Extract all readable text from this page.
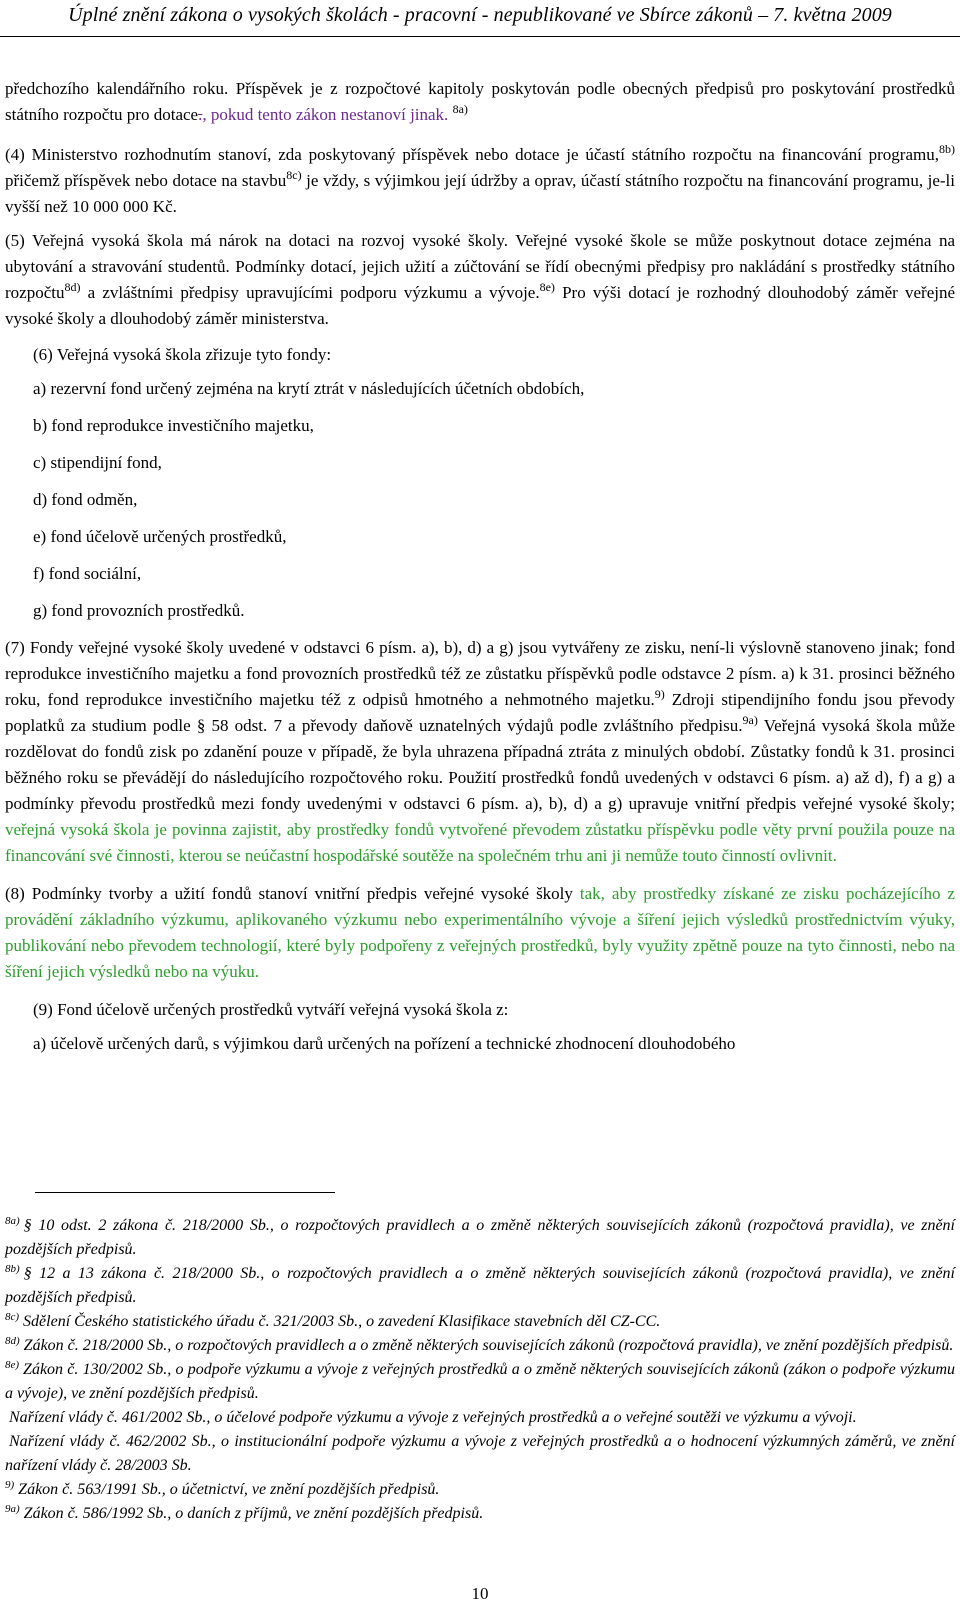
Úplné znění zákona o vysokých školách - pracovní - nepublikované ve Sbírce zákonů – 7. května 2009

předchozího kalendářního roku. Příspěvek je z rozpočtové kapitoly poskytován podle obecných předpisů pro poskytování prostředků státního rozpočtu pro dotace., pokud tento zákon nestanoví jinak. $^{8a)}$

(4) Ministerstvo rozhodnutím stanoví, zda poskytovaný příspěvek nebo dotace je účastí státního rozpočtu na financování programu,$^{8b)}$ přičemž příspěvek nebo dotace na stavbu$^{8c)}$ je vždy, s výjimkou její údržby a oprav, účastí státního rozpočtu na financování programu, je-li vyšší než 10 000 000 Kč.

(5) Veřejná vysoká škola má nárok na dotaci na rozvoj vysoké školy. Veřejné vysoké škole se může poskytnout dotace zejména na ubytování a stravování studentů. Podmínky dotací, jejich užití a zúčtování se řídí obecnými předpisy pro nakládání s prostředky státního rozpočtu$^{8d)}$ a zvláštními předpisy upravujícími podporu výzkumu a vývoje.$^{8e)}$ Pro výši dotací je rozhodný dlouhodobý záměr veřejné vysoké školy a dlouhodobý záměr ministerstva.

(6) Veřejná vysoká škola zřizuje tyto fondy:

a) rezervní fond určený zejména na krytí ztrát v následujících účetních obdobích,

b) fond reprodukce investičního majetku,

c) stipendijní fond,

d) fond odměn,

e) fond účelově určených prostředků,

f) fond sociální,

g) fond provozních prostředků.

(7) Fondy veřejné vysoké školy uvedené v odstavci 6 písm. a), b), d) a g) jsou vytvářeny ze zisku, není-li výslovně stanoveno jinak; fond reprodukce investičního majetku a fond provozních prostředků též ze zůstatku příspěvků podle odstavce 2 písm. a) k 31. prosinci běžného roku, fond reprodukce investičního majetku též z odpisů hmotného a nehmotného majetku.$^{9)}$ Zdroji stipendijního fondu jsou převody poplatků za studium podle § 58 odst. 7 a převody daňově uznatelných výdajů podle zvláštního předpisu.$^{9a)}$ Veřejná vysoká škola může rozdělovat do fondů zisk po zdanění pouze v případě, že byla uhrazena případná ztráta z minulých období. Zůstatky fondů k 31. prosinci běžného roku se převádějí do následujícího rozpočtového roku. Použití prostředků fondů uvedených v odstavci 6 písm. a) až d), f) a g) a podmínky převodu prostředků mezi fondy uvedenými v odstavci 6 písm. a), b), d) a g) upravuje vnitřní předpis veřejné vysoké školy; veřejná vysoká škola je povinna zajistit, aby prostředky fondů vytvořené převodem zůstatku příspěvku podle věty první použila pouze na financování své činnosti, kterou se neúčastní hospodářské soutěže na společném trhu ani ji nemůže touto činností ovlivnit.

(8) Podmínky tvorby a užití fondů stanoví vnitřní předpis veřejné vysoké školy tak, aby prostředky získané ze zisku pocházejícího z provádění základního výzkumu, aplikovaného výzkumu nebo experimentálního vývoje a šíření jejich výsledků prostřednictvím výuky, publikování nebo převodem technologií, které byly podpořeny z veřejných prostředků, byly využity zpětně pouze na tyto činnosti, nebo na šíření jejich výsledků nebo na výuku.

(9) Fond účelově určených prostředků vytváří veřejná vysoká škola z:

a) účelově určených darů, s výjimkou darů určených na pořízení a technické zhodnocení dlouhodobého

$^{8a)}$ § 10 odst. 2 zákona č. 218/2000 Sb., o rozpočtových pravidlech a o změně některých souvisejících zákonů (rozpočtová pravidla), ve znění pozdějších předpisů.

$^{8b)}$ § 12 a 13 zákona č. 218/2000 Sb., o rozpočtových pravidlech a o změně některých souvisejících zákonů (rozpočtová pravidla), ve znění pozdějších předpisů.

$^{8c)}$ Sdělení Českého statistického úřadu č. 321/2003 Sb., o zavedení Klasifikace stavebních děl CZ-CC.

$^{8d)}$ Zákon č. 218/2000 Sb., o rozpočtových pravidlech a o změně některých souvisejících zákonů (rozpočtová pravidla), ve znění pozdějších předpisů.

$^{8e)}$ Zákon č. 130/2002 Sb., o podpoře výzkumu a vývoje z veřejných prostředků a o změně některých souvisejících zákonů (zákon o podpoře výzkumu a vývoje), ve znění pozdějších předpisů.

Nařízení vlády č. 461/2002 Sb., o účelové podpoře výzkumu a vývoje z veřejných prostředků a o veřejné soutěži ve výzkumu a vývoji.

Nařízení vlády č. 462/2002 Sb., o institucionální podpoře výzkumu a vývoje z veřejných prostředků a o hodnocení výzkumných záměrů, ve znění nařízení vlády č. 28/2003 Sb.

$^{9)}$ Zákon č. 563/1991 Sb., o účetnictví, ve znění pozdějších předpisů.

$^{9a)}$ Zákon č. 586/1992 Sb., o daních z příjmů, ve znění pozdějších předpisů.

10
